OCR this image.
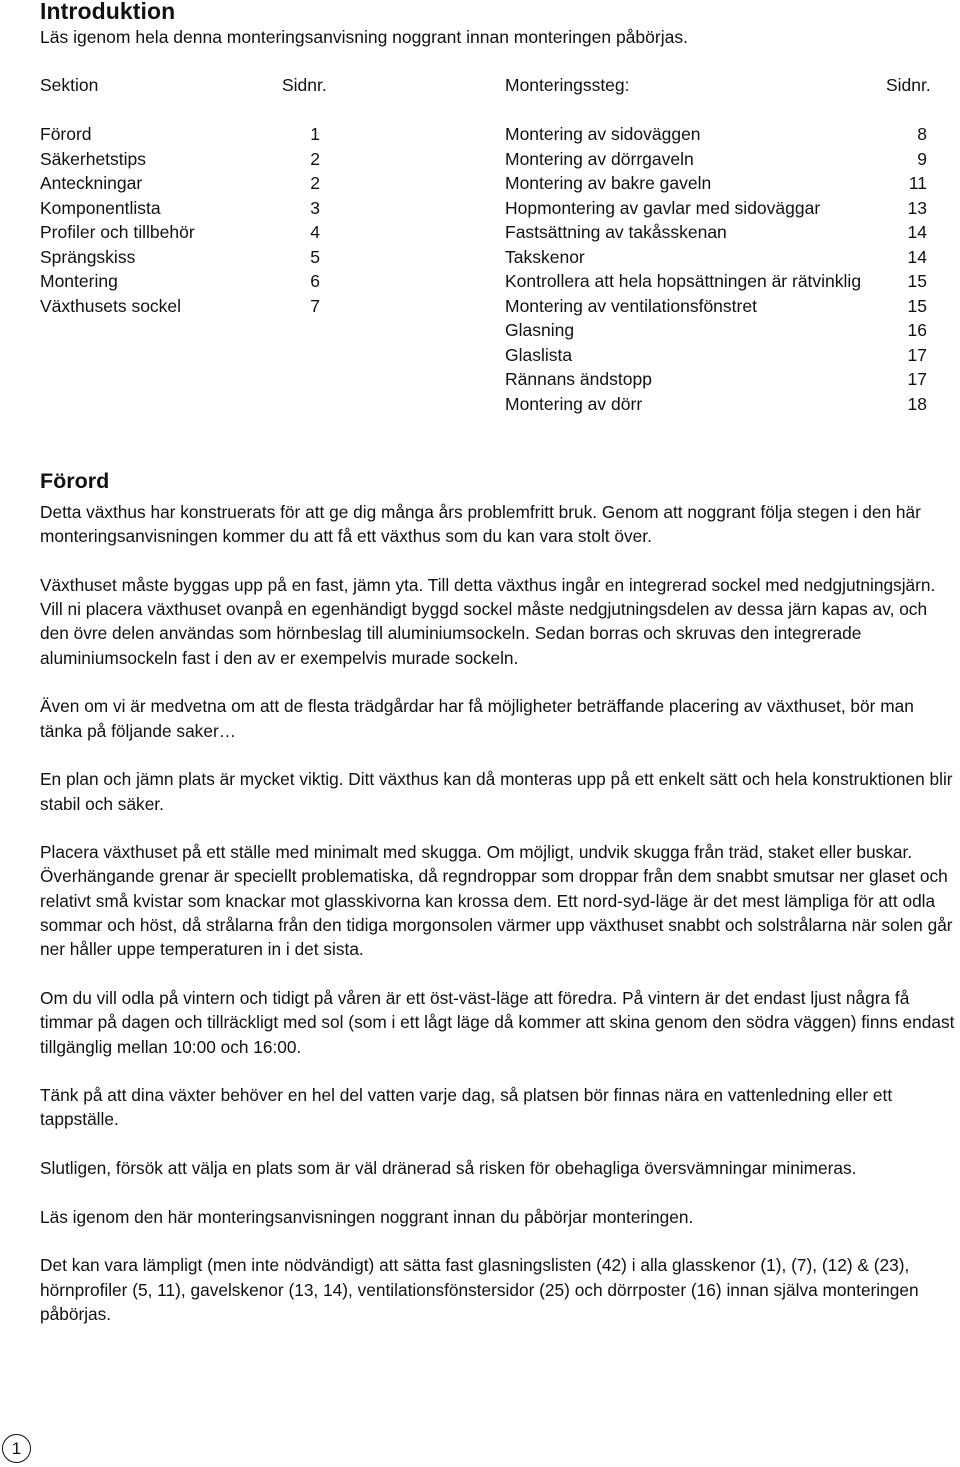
Introduktion

Läs igenom hela denna monteringsanvisning noggrant innan monteringen påbörjas.

Sektion	Sidnr.
Förord	1
Säkerhetstips	2
Anteckningar	2
Komponentlista	3
Profiler och tillbehör	4
Sprängskiss	5
Montering	6
Växthusets sockel	7
Monteringssteg:	Sidnr.
Montering av sidoväggen	8
Montering av dörrgaveln	9
Montering av bakre gaveln	11
Hopmontering av gavlar med sidoväggar	13
Fastsättning av takåsskenan	14
Takskenor	14
Kontrollera att hela hopsättningen är rätvinklig	15
Montering av ventilationsfönstret	15
Glasning	16
Glaslista	17
Rännans ändstopp	17
Montering av dörr	18
Förord

Detta växthus har konstruerats för att ge dig många års problemfritt bruk. Genom att noggrant följa stegen i den här monteringsanvisningen kommer du att få ett växthus som du kan vara stolt över.

Växthuset måste byggas upp på en fast, jämn yta. Till detta växthus ingår en integrerad sockel med nedgjutningsjärn.

Vill ni placera växthuset ovanpå en egenhändigt byggd sockel måste nedgjutningsdelen av dessa järn kapas av, och den övre delen användas som hörnbeslag till aluminiumsockeln. Sedan borras och skruvas den integrerade aluminiumsockeln fast i den av er exempelvis murade sockeln.

Även om vi är medvetna om att de flesta trädgårdar har få möjligheter beträffande placering av växthuset, bör man tänka på följande saker…

En plan och jämn plats är mycket viktig. Ditt växthus kan då monteras upp på ett enkelt sätt och hela konstruktionen blir stabil och säker.

Placera växthuset på ett ställe med minimalt med skugga. Om möjligt, undvik skugga från träd, staket eller buskar.

Överhängande grenar är speciellt problematiska, då regndroppar som droppar från dem snabbt smutsar ner glaset och relativt små kvistar som knackar mot glasskivorna kan krossa dem. Ett nord-syd-läge är det mest lämpliga för att odla sommar och höst, då strålarna från den tidiga morgonsolen värmer upp växthuset snabbt och solstrålarna när solen går ner håller uppe temperaturen in i det sista.

Om du vill odla på vintern och tidigt på våren är ett öst-väst-läge att föredra. På vintern är det endast ljust några få timmar på dagen och tillräckligt med sol (som i ett lågt läge då kommer att skina genom den södra väggen) finns endast tillgänglig mellan 10:00 och 16:00.

Tänk på att dina växter behöver en hel del vatten varje dag, så platsen bör finnas nära en vattenledning eller ett tappställe.

Slutligen, försök att välja en plats som är väl dränerad så risken för obehagliga översvämningar minimeras.

Läs igenom den här monteringsanvisningen noggrant innan du påbörjar monteringen.

Det kan vara lämpligt (men inte nödvändigt) att sätta fast glasningslisten (42) i alla glasskenor (1), (7), (12) & (23), hörnprofiler (5, 11), gavelskenor (13, 14), ventilationsfönstersidor (25) och dörrposter (16) innan själva monteringen påbörjas.

1
